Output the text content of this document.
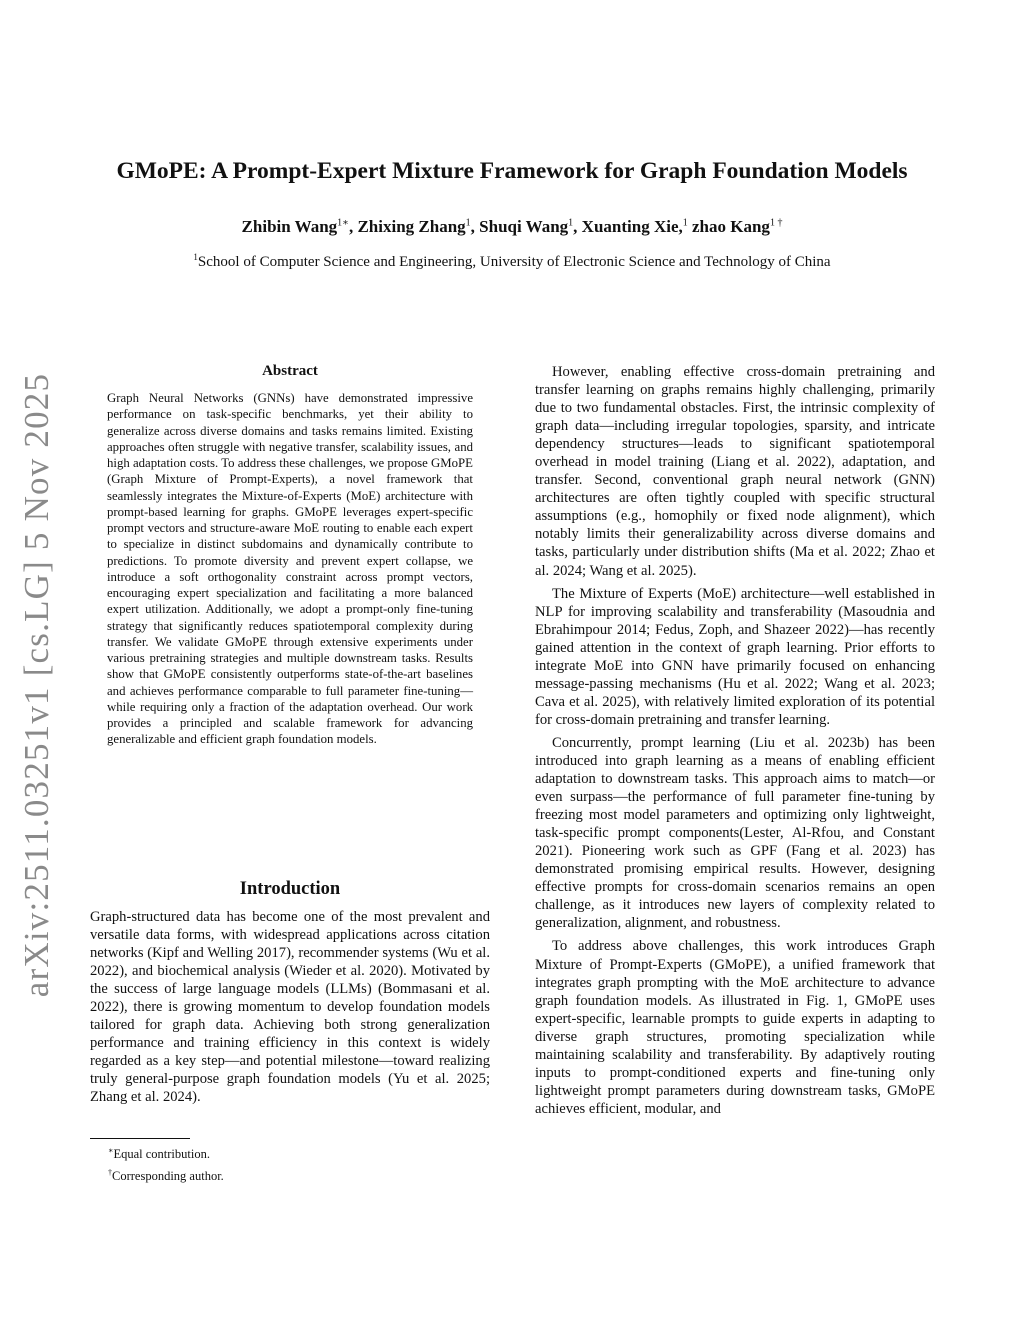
arXiv:2511.03251v1 [cs.LG] 5 Nov 2025
GMoPE: A Prompt-Expert Mixture Framework for Graph Foundation Models

Zhibin Wang$^{1∗}$, Zhixing Zhang$^1$, Shuqi Wang$^1$, Xuanting Xie,$^1$ zhao Kang$^{1 \dagger}$

$^1$School of Computer Science and Engineering, University of Electronic Science and Technology of China

Abstract

Graph Neural Networks (GNNs) have demonstrated impressive performance on task-specific benchmarks, yet their ability to generalize across diverse domains and tasks remains limited. Existing approaches often struggle with negative transfer, scalability issues, and high adaptation costs. To address these challenges, we propose GMoPE (Graph Mixture of Prompt-Experts), a novel framework that seamlessly integrates the Mixture-of-Experts (MoE) architecture with prompt-based learning for graphs. GMoPE leverages expert-specific prompt vectors and structure-aware MoE routing to enable each expert to specialize in distinct subdomains and dynamically contribute to predictions. To promote diversity and prevent expert collapse, we introduce a soft orthogonality constraint across prompt vectors, encouraging expert specialization and facilitating a more balanced expert utilization. Additionally, we adopt a prompt-only fine-tuning strategy that significantly reduces spatiotemporal complexity during transfer. We validate GMoPE through extensive experiments under various pretraining strategies and multiple downstream tasks. Results show that GMoPE consistently outperforms state-of-the-art baselines and achieves performance comparable to full parameter fine-tuning—while requiring only a fraction of the adaptation overhead. Our work provides a principled and scalable framework for advancing generalizable and efficient graph foundation models.

Introduction

Graph-structured data has become one of the most prevalent and versatile data forms, with widespread applications across citation networks (Kipf and Welling 2017), recommender systems (Wu et al. 2022), and biochemical analysis (Wieder et al. 2020). Motivated by the success of large language models (LLMs) (Bommasani et al. 2022), there is growing momentum to develop foundation models tailored for graph data. Achieving both strong generalization performance and training efficiency in this context is widely regarded as a key step—and potential milestone—toward realizing truly general-purpose graph foundation models (Yu et al. 2025; Zhang et al. 2024).

∗Equal contribution.

†Corresponding author.

However, enabling effective cross-domain pretraining and transfer learning on graphs remains highly challenging, primarily due to two fundamental obstacles. First, the intrinsic complexity of graph data—including irregular topologies, sparsity, and intricate dependency structures—leads to significant spatiotemporal overhead in model training (Liang et al. 2022), adaptation, and transfer. Second, conventional graph neural network (GNN) architectures are often tightly coupled with specific structural assumptions (e.g., homophily or fixed node alignment), which notably limits their generalizability across diverse domains and tasks, particularly under distribution shifts (Ma et al. 2022; Zhao et al. 2024; Wang et al. 2025).

The Mixture of Experts (MoE) architecture—well established in NLP for improving scalability and transferability (Masoudnia and Ebrahimpour 2014; Fedus, Zoph, and Shazeer 2022)—has recently gained attention in the context of graph learning. Prior efforts to integrate MoE into GNN have primarily focused on enhancing message-passing mechanisms (Hu et al. 2022; Wang et al. 2023; Cava et al. 2025), with relatively limited exploration of its potential for cross-domain pretraining and transfer learning.

Concurrently, prompt learning (Liu et al. 2023b) has been introduced into graph learning as a means of enabling efficient adaptation to downstream tasks. This approach aims to match—or even surpass—the performance of full parameter fine-tuning by freezing most model parameters and optimizing only lightweight, task-specific prompt components(Lester, Al-Rfou, and Constant 2021). Pioneering work such as GPF (Fang et al. 2023) has demonstrated promising empirical results. However, designing effective prompts for cross-domain scenarios remains an open challenge, as it introduces new layers of complexity related to generalization, alignment, and robustness.

To address above challenges, this work introduces Graph Mixture of Prompt-Experts (GMoPE), a unified framework that integrates graph prompting with the MoE architecture to advance graph foundation models. As illustrated in Fig. 1, GMoPE uses expert-specific, learnable prompts to guide experts in adapting to diverse graph structures, promoting specialization while maintaining scalability and transferability. By adaptively routing inputs to prompt-conditioned experts and fine-tuning only lightweight prompt parameters during downstream tasks, GMoPE achieves efficient, modular, and
